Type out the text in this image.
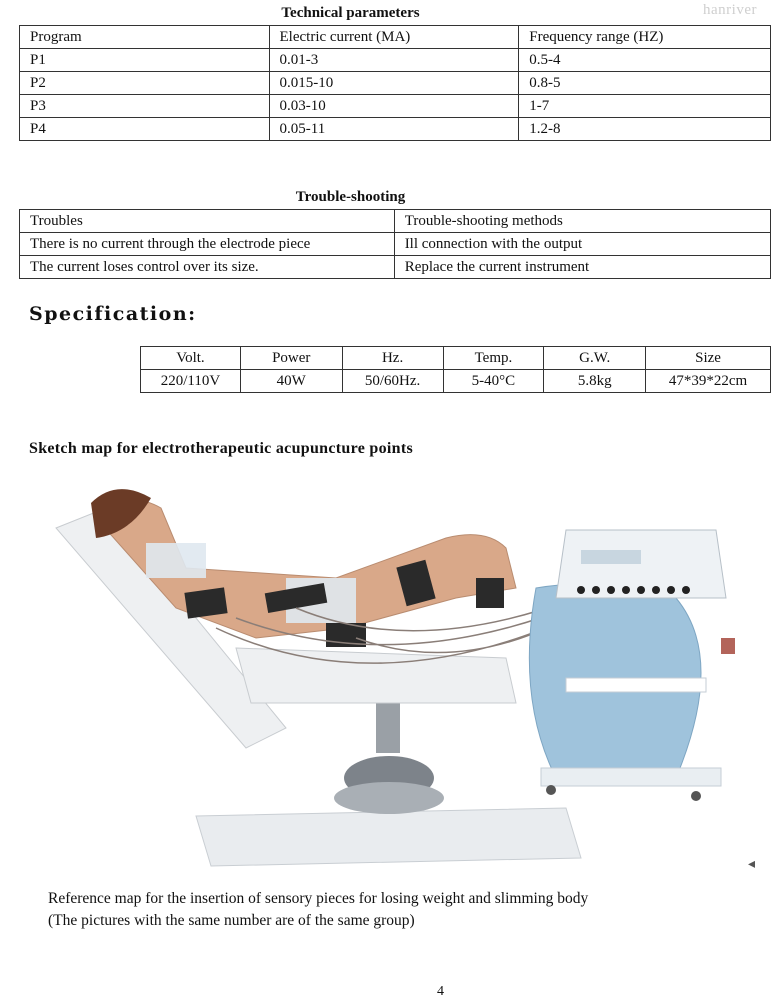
hanriver
Technical parameters
Program	Electric current (MA)	Frequency range (HZ)
P1	0.01-3	0.5-4
P2	0.015-10	0.8-5
P3	0.03-10	1-7
P4	0.05-11	1.2-8
Trouble-shooting
Troubles	Trouble-shooting methods
There is no current through the electrode piece	Ill connection with the output
The current loses control over its size.	Replace the current instrument
Specification:
Volt.	Power	Hz.	Temp.	G.W.	Size
220/110V	40W	50/60Hz.	5-40°C	5.8kg	47*39*22cm
Sketch map for electrotherapeutic acupuncture points
◂
Reference map for the insertion of sensory pieces for losing weight and slimming body
(The pictures with the same number are of the same group)
4
